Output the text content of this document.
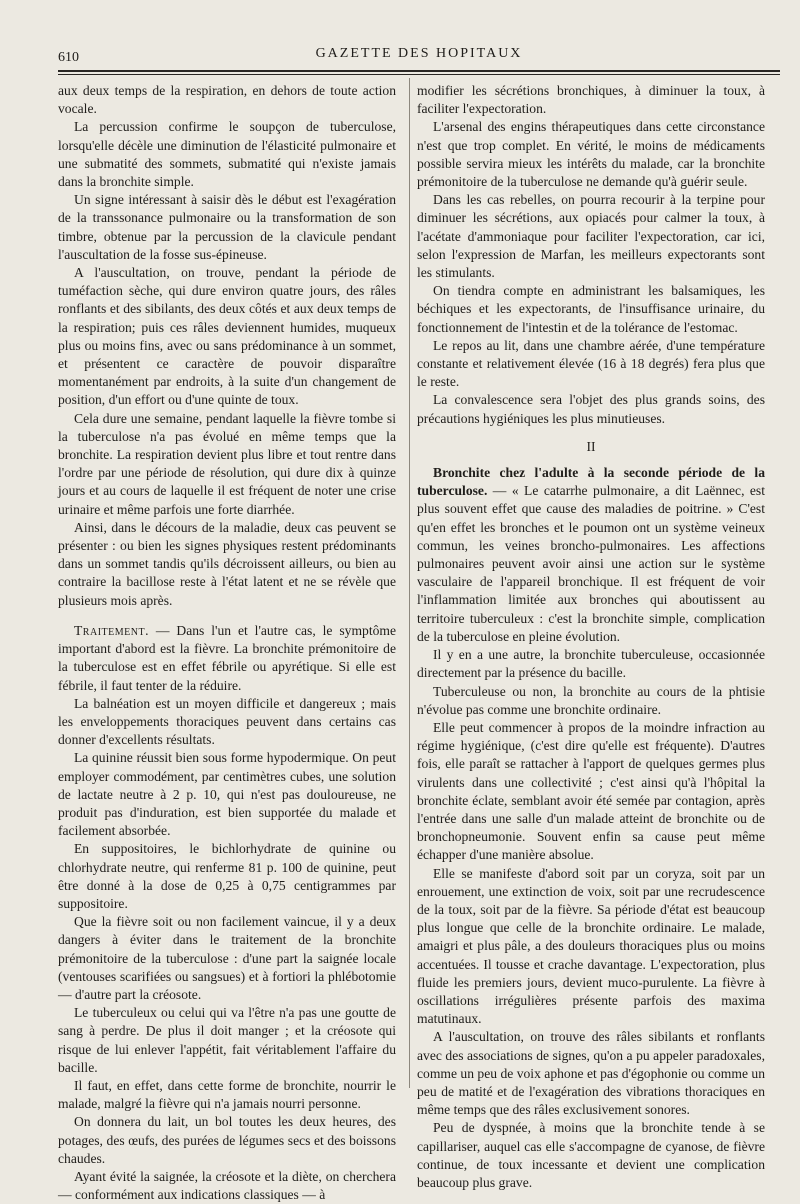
610	GAZETTE DES HOPITAUX

aux deux temps de la respiration, en dehors de toute action vocale.

La percussion confirme le soupçon de tuberculose, lorsqu'elle décèle une diminution de l'élasticité pulmonaire et une submatité des sommets, submatité qui n'existe jamais dans la bronchite simple.

Un signe intéressant à saisir dès le début est l'exagération de la transsonance pulmonaire ou la transformation de son timbre, obtenue par la percussion de la clavicule pendant l'auscultation de la fosse sus-épineuse.

A l'auscultation, on trouve, pendant la période de tuméfaction sèche, qui dure environ quatre jours, des râles ronflants et des sibilants, des deux côtés et aux deux temps de la respiration; puis ces râles deviennent humides, muqueux plus ou moins fins, avec ou sans prédominance à un sommet, et présentent ce caractère de pouvoir disparaître momentanément par endroits, à la suite d'un changement de position, d'un effort ou d'une quinte de toux.

Cela dure une semaine, pendant laquelle la fièvre tombe si la tuberculose n'a pas évolué en même temps que la bronchite. La respiration devient plus libre et tout rentre dans l'ordre par une période de résolution, qui dure dix à quinze jours et au cours de laquelle il est fréquent de noter une crise urinaire et même parfois une forte diarrhée.

Ainsi, dans le décours de la maladie, deux cas peuvent se présenter : ou bien les signes physiques restent prédominants dans un sommet tandis qu'ils décroissent ailleurs, ou bien au contraire la bacillose reste à l'état latent et ne se révèle que plusieurs mois après.

Traitement. — Dans l'un et l'autre cas, le symptôme important d'abord est la fièvre. La bronchite prémonitoire de la tuberculose est en effet fébrile ou apyrétique. Si elle est fébrile, il faut tenter de la réduire.

La balnéation est un moyen difficile et dangereux ; mais les enveloppements thoraciques peuvent dans certains cas donner d'excellents résultats.

La quinine réussit bien sous forme hypodermique. On peut employer commodément, par centimètres cubes, une solution de lactate neutre à 2 p. 10, qui n'est pas douloureuse, ne produit pas d'induration, est bien supportée du malade et facilement absorbée.

En suppositoires, le bichlorhydrate de quinine ou chlorhydrate neutre, qui renferme 81 p. 100 de quinine, peut être donné à la dose de 0,25 à 0,75 centigrammes par suppositoire.

Que la fièvre soit ou non facilement vaincue, il y a deux dangers à éviter dans le traitement de la bronchite prémonitoire de la tuberculose : d'une part la saignée locale (ventouses scarifiées ou sangsues) et à fortiori la phlébotomie — d'autre part la créosote.

Le tuberculeux ou celui qui va l'être n'a pas une goutte de sang à perdre. De plus il doit manger ; et la créosote qui risque de lui enlever l'appétit, fait véritablement l'affaire du bacille.

Il faut, en effet, dans cette forme de bronchite, nourrir le malade, malgré la fièvre qui n'a jamais nourri personne.

On donnera du lait, un bol toutes les deux heures, des potages, des œufs, des purées de légumes secs et des boissons chaudes.

Ayant évité la saignée, la créosote et la diète, on cherchera — conformément aux indications classiques — à

modifier les sécrétions bronchiques, à diminuer la toux, à faciliter l'expectoration.

L'arsenal des engins thérapeutiques dans cette circonstance n'est que trop complet. En vérité, le moins de médicaments possible servira mieux les intérêts du malade, car la bronchite prémonitoire de la tuberculose ne demande qu'à guérir seule.

Dans les cas rebelles, on pourra recourir à la terpine pour diminuer les sécrétions, aux opiacés pour calmer la toux, à l'acétate d'ammoniaque pour faciliter l'expectoration, car ici, selon l'expression de Marfan, les meilleurs expectorants sont les stimulants.

On tiendra compte en administrant les balsamiques, les béchiques et les expectorants, de l'insuffisance urinaire, du fonctionnement de l'intestin et de la tolérance de l'estomac.

Le repos au lit, dans une chambre aérée, d'une température constante et relativement élevée (16 à 18 degrés) fera plus que le reste.

La convalescence sera l'objet des plus grands soins, des précautions hygiéniques les plus minutieuses.

II

Bronchite chez l'adulte à la seconde période de la tuberculose. — « Le catarrhe pulmonaire, a dit Laënnec, est plus souvent effet que cause des maladies de poitrine. » C'est qu'en effet les bronches et le poumon ont un système veineux commun, les veines broncho-pulmonaires. Les affections pulmonaires peuvent avoir ainsi une action sur le système vasculaire de l'appareil bronchique. Il est fréquent de voir l'inflammation limitée aux bronches qui aboutissent au territoire tuberculeux : c'est la bronchite simple, complication de la tuberculose en pleine évolution.

Il y en a une autre, la bronchite tuberculeuse, occasionnée directement par la présence du bacille.

Tuberculeuse ou non, la bronchite au cours de la phtisie n'évolue pas comme une bronchite ordinaire.

Elle peut commencer à propos de la moindre infraction au régime hygiénique, (c'est dire qu'elle est fréquente). D'autres fois, elle paraît se rattacher à l'apport de quelques germes plus virulents dans une collectivité ; c'est ainsi qu'à l'hôpital la bronchite éclate, semblant avoir été semée par contagion, après l'entrée dans une salle d'un malade atteint de bronchite ou de bronchopneumonie. Souvent enfin sa cause peut même échapper d'une manière absolue.

Elle se manifeste d'abord soit par un coryza, soit par un enrouement, une extinction de voix, soit par une recrudescence de la toux, soit par de la fièvre. Sa période d'état est beaucoup plus longue que celle de la bronchite ordinaire. Le malade, amaigri et plus pâle, a des douleurs thoraciques plus ou moins accentuées. Il tousse et crache davantage. L'expectoration, plus fluide les premiers jours, devient muco-purulente. La fièvre à oscillations irrégulières présente parfois des maxima matutinaux.

A l'auscultation, on trouve des râles sibilants et ronflants avec des associations de signes, qu'on a pu appeler paradoxales, comme un peu de voix aphone et pas d'égophonie ou comme un peu de matité et de l'exagération des vibrations thoraciques en même temps que des râles exclusivement sonores.

Peu de dyspnée, à moins que la bronchite tende à se capillariser, auquel cas elle s'accompagne de cyanose, de fièvre continue, de toux incessante et devient une complication beaucoup plus grave.
